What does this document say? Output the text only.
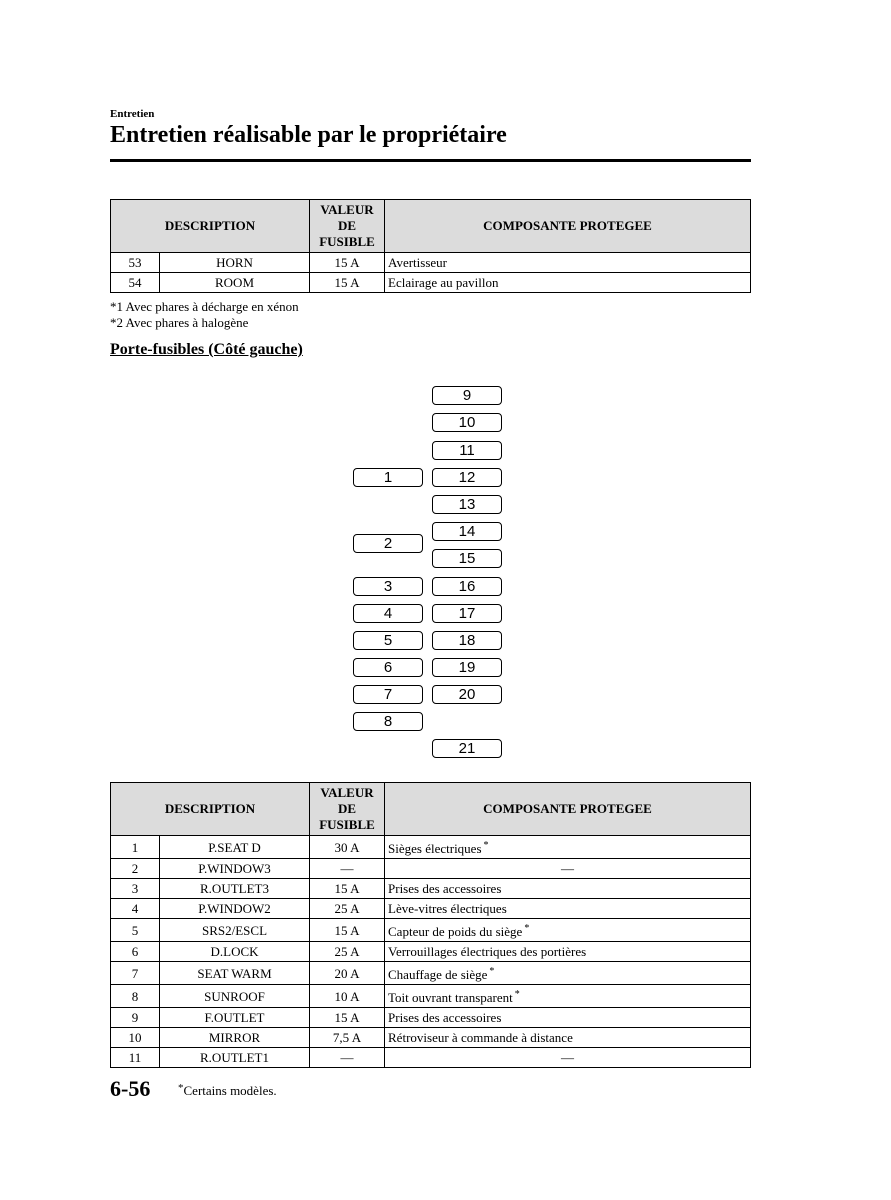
Entretien
Entretien réalisable par le propriétaire
DESCRIPTION		VALEUR
DE
FUSIBLE	COMPOSANTE PROTEGEE
53	HORN	15 A	Avertisseur
54	ROOM	15 A	Eclairage au pavillon
*1 Avec phares à décharge en xénon
*2 Avec phares à halogène
Porte-fusibles (Côté gauche)
1
2
3
4
5
6
7
8
9
10
11
12
13
14
15
16
17
18
19
20
21
DESCRIPTION		VALEUR
DE
FUSIBLE	COMPOSANTE PROTEGEE
1	P.SEAT D	30 A	Sièges électriques *
2	P.WINDOW3	—	—
3	R.OUTLET3	15 A	Prises des accessoires
4	P.WINDOW2	25 A	Lève-vitres électriques
5	SRS2/ESCL	15 A	Capteur de poids du siège *
6	D.LOCK	25 A	Verrouillages électriques des portières
7	SEAT WARM	20 A	Chauffage de siège *
8	SUNROOF	10 A	Toit ouvrant transparent *
9	F.OUTLET	15 A	Prises des accessoires
10	MIRROR	7,5 A	Rétroviseur à commande à distance
11	R.OUTLET1	—	—
6-56	*Certains modèles.
